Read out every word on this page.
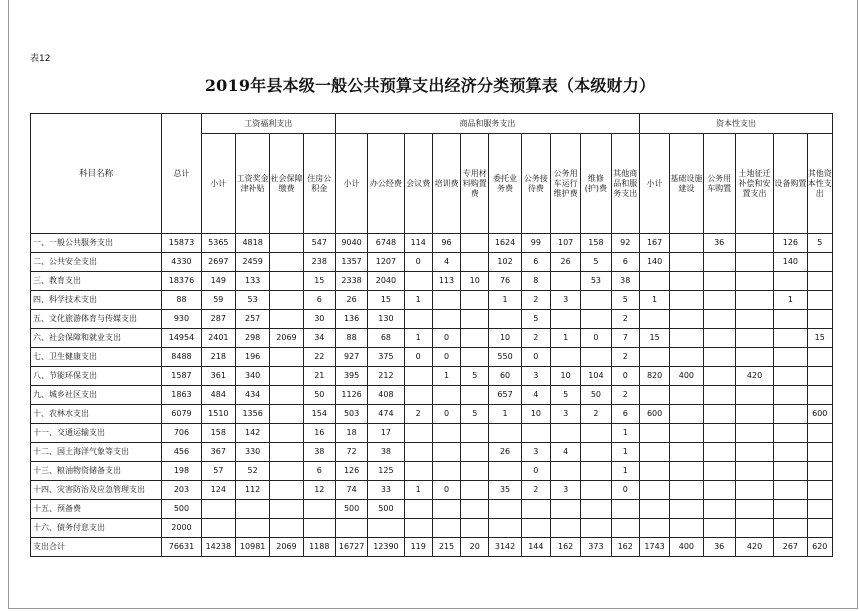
表12
2019年县本级一般公共预算支出经济分类预算表（本级财力）
科目名称	总计	工资福利支出				商品和服务支出										资本性支出					
		小计	工资奖金津补贴	社会保障缴费	住房公积金	小计	办公经费	会议费	培训费	专用材料购置费	委托业务费	公务接待费	公务用车运行维护费	维修(护)费	其他商品和服务支出	小计	基础设施建设	公务用车购置	土地征迁补偿和安置支出	设备购置	其他资本性支出
一、一般公共服务支出	15873	5365	4818		547	9040	6748	114	96		1624	99	107	158	92	167		36		126	5
二、公共安全支出	4330	2697	2459		238	1357	1207	0	4		102	6	26	5	6	140				140	
三、教育支出	18376	149	133		15	2338	2040		113	10	76	8		53	38						
四、科学技术支出	88	59	53		6	26	15	1			1	2	3		5	1				1	
五、文化旅游体育与传媒支出	930	287	257		30	136	130					5			2						
六、社会保障和就业支出	14954	2401	298	2069	34	88	68	1	0		10	2	1	0	7	15					15
七、卫生健康支出	8488	218	196		22	927	375	0	0		550	0			2						
八、节能环保支出	1587	361	340		21	395	212		1	5	60	3	10	104	0	820	400		420		
九、城乡社区支出	1863	484	434		50	1126	408				657	4	5	50	2						
十、农林水支出	6079	1510	1356		154	503	474	2	0	5	1	10	3	2	6	600					600
十一、交通运输支出	706	158	142		16	18	17								1						
十二、国土海洋气象等支出	456	367	330		38	72	38				26	3	4		1						
十三、粮油物资储备支出	198	57	52		6	126	125					0			1						
十四、灾害防治及应急管理支出	203	124	112		12	74	33	1	0		35	2	3		0						
十五、预备费	500					500	500														
十六、债务付息支出	2000																				
支出合计	76631	14238	10981	2069	1188	16727	12390	119	215	20	3142	144	162	373	162	1743	400	36	420	267	620
